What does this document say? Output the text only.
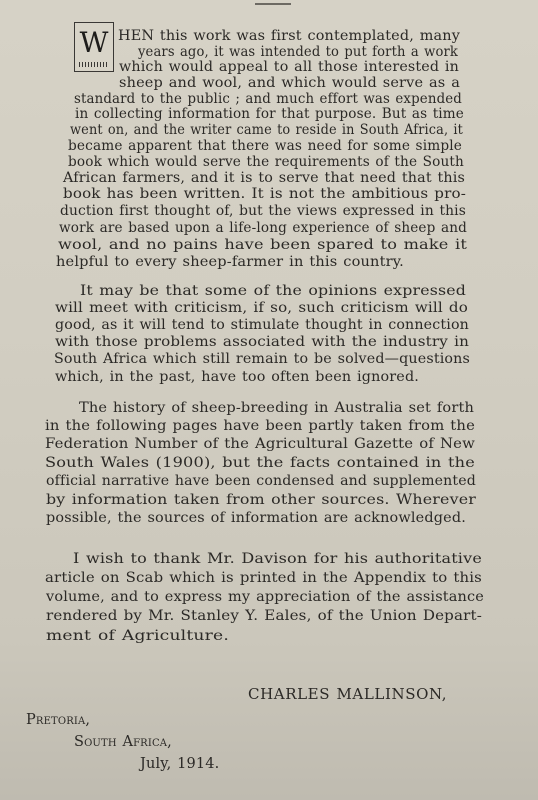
W HEN this work was first contemplated, many
years ago, it was intended to put forth a work
which would appeal to all those interested in
sheep and wool, and which would serve as a
standard to the public ; and much effort was expended
in collecting information for that purpose. But as time
went on, and the writer came to reside in South Africa, it
became apparent that there was need for some simple
book which would serve the requirements of the South
African farmers, and it is to serve that need that this
book has been written. It is not the ambitious pro-
duction first thought of, but the views expressed in this
work are based upon a life-long experience of sheep and
wool, and no pains have been spared to make it
helpful to every sheep-farmer in this country.
It may be that some of the opinions expressed
will meet with criticism, if so, such criticism will do
good, as it will tend to stimulate thought in connection
with those problems associated with the industry in
South Africa which still remain to be solved—questions
which, in the past, have too often been ignored.
The history of sheep-breeding in Australia set forth
in the following pages have been partly taken from the
Federation Number of the Agricultural Gazette of New
South Wales (1900), but the facts contained in the
official narrative have been condensed and supplemented
by information taken from other sources. Wherever
possible, the sources of information are acknowledged.
I wish to thank Mr. Davison for his authoritative
article on Scab which is printed in the Appendix to this
volume, and to express my appreciation of the assistance
rendered by Mr. Stanley Y. Eales, of the Union Depart-
ment of Agriculture.
CHARLES MALLINSON,
Pretoria,
South Africa,
July, 1914.
